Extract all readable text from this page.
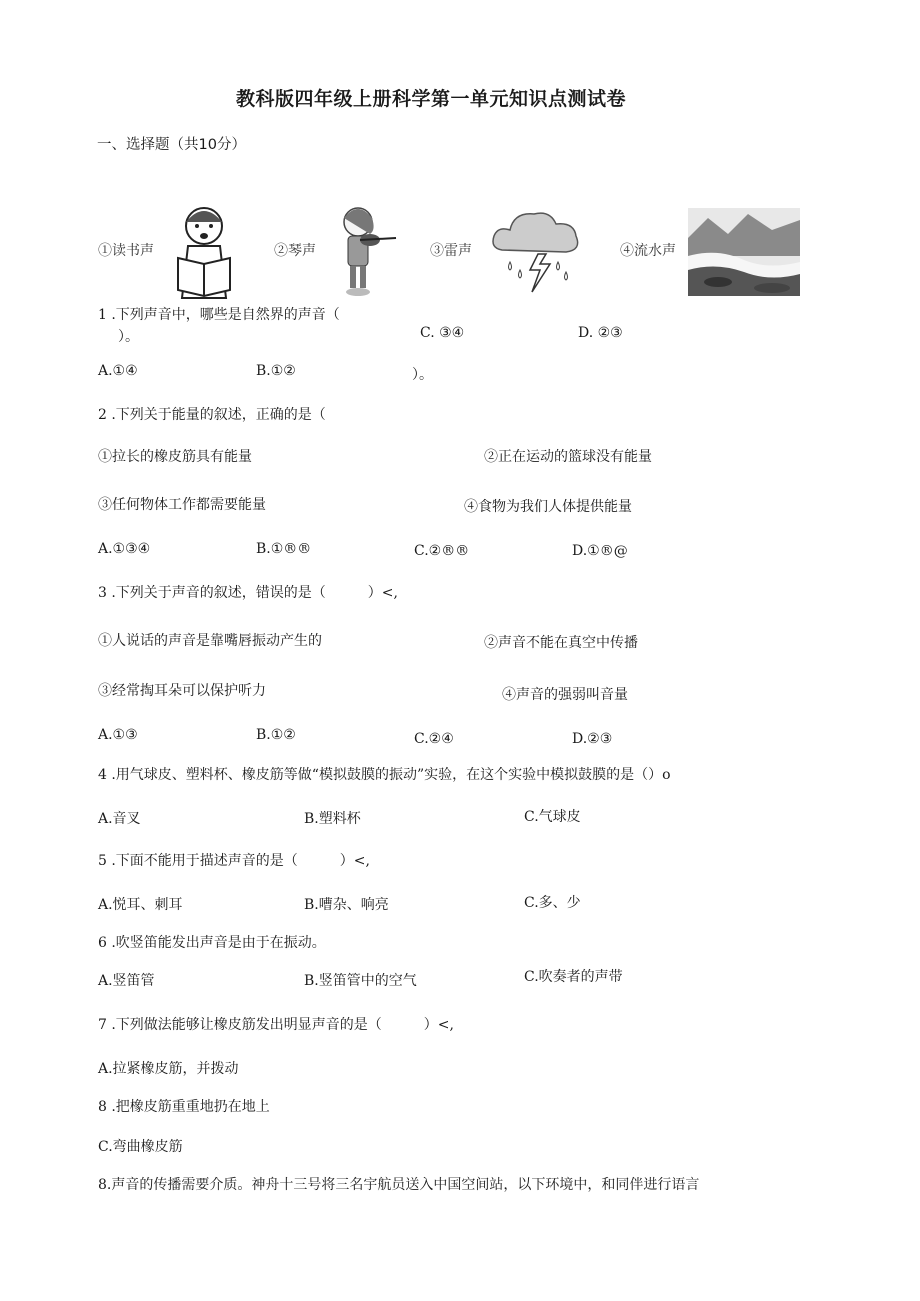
教科版四年级上册科学第一单元知识点测试卷
一、选择题（共10分）
①读书声	②琴声	③雷声	④流水声
1 .下列声音中，哪些是自然界的声音（
）。	C. ③④	D. ②③
A.①④	B.①②	）。
2 .下列关于能量的叙述，正确的是（
①拉长的橡皮筋具有能量	②正在运动的篮球没有能量
③任何物体工作都需要能量	④食物为我们人体提供能量
A.①③④	B.①®®	C.②®®	D.①®@
3 .下列关于声音的叙述，错误的是（　　　）<,
①人说话的声音是靠嘴唇振动产生的	②声音不能在真空中传播
③经常掏耳朵可以保护听力	④声音的强弱叫音量
A.①③	B.①②	C.②④	D.②③
4 .用气球皮、塑料杯、橡皮筋等做“模拟鼓膜的振动”实验，在这个实验中模拟鼓膜的是（）o
A.音叉	B.塑料杯	C.气球皮
5 .下面不能用于描述声音的是（　　　）<,
A.悦耳、刺耳	B.嘈杂、响亮	C.多、少
6 .吹竖笛能发出声音是由于在振动。
A.竖笛管	B.竖笛管中的空气	C.吹奏者的声带
7 .下列做法能够让橡皮筋发出明显声音的是（　　　）<,
A.拉紧橡皮筋，并拨动
8 .把橡皮筋重重地扔在地上
C.弯曲橡皮筋
8.声音的传播需要介质。神舟十三号将三名宇航员送入中国空间站，以下环境中，和同伴进行语言
